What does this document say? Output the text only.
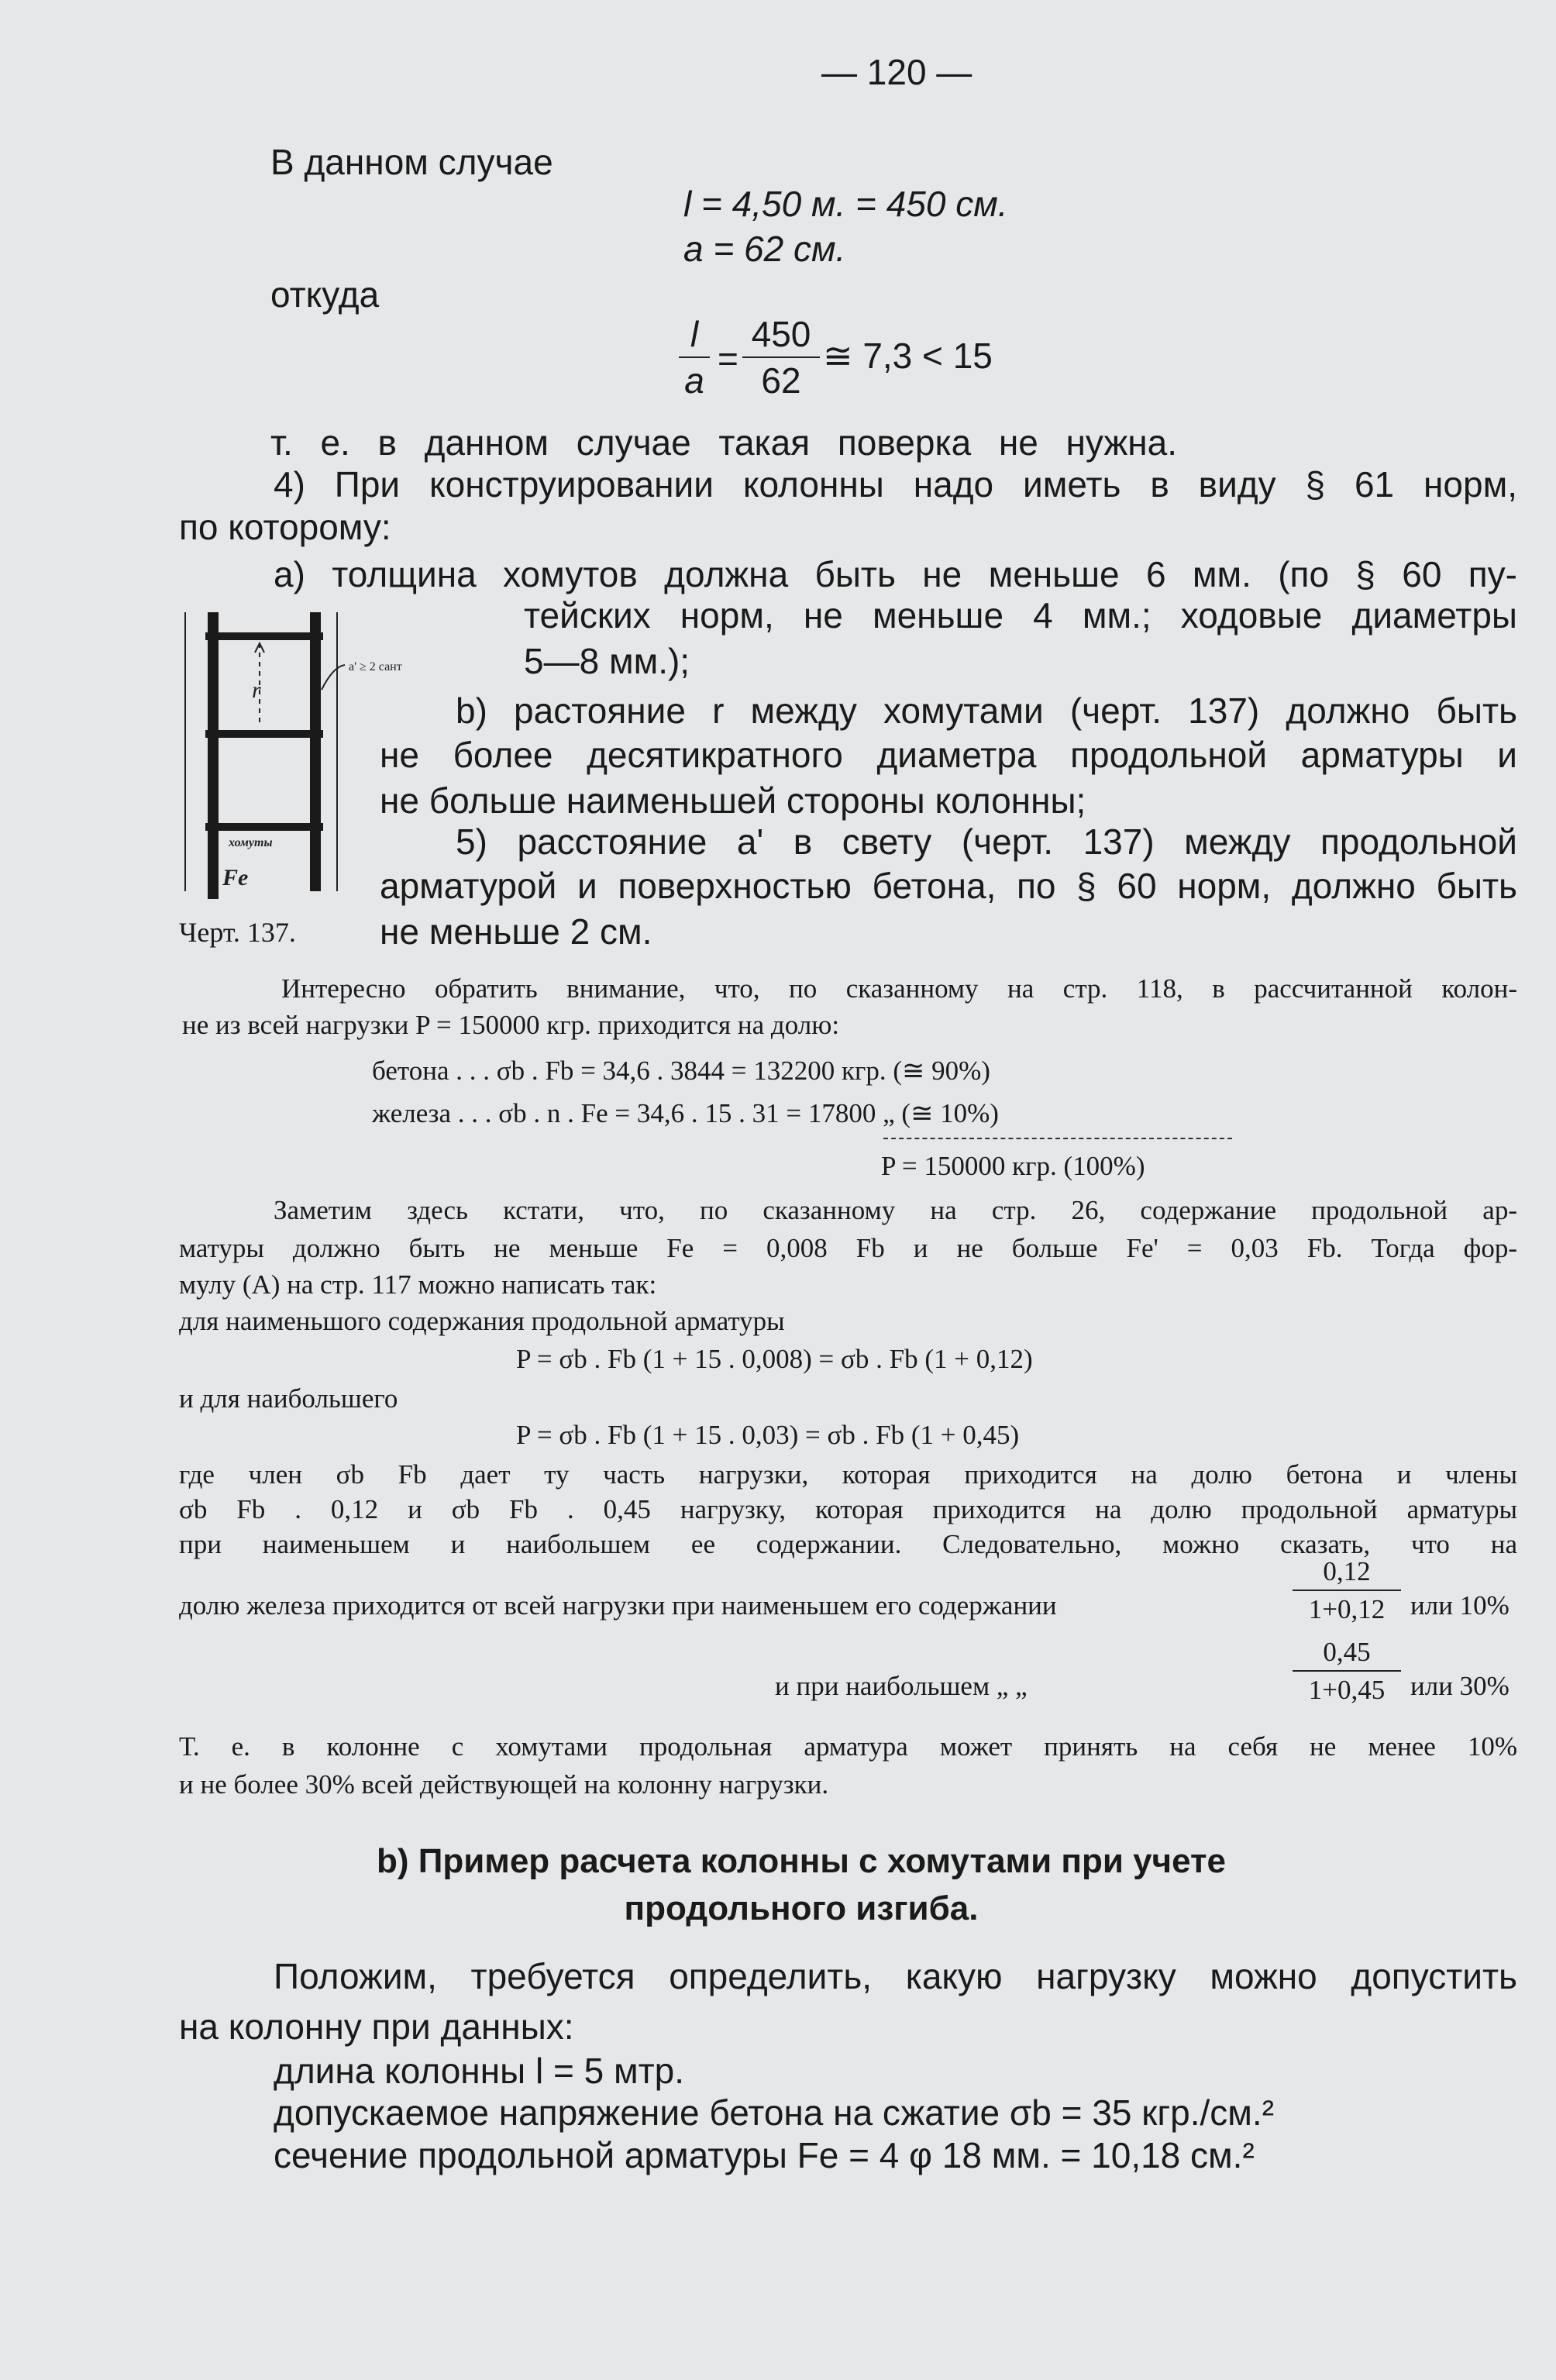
— 120 —
В данном случае
l = 4,50 м. = 450 см.
a = 62 см.
откуда
l
a
=
450
62
≅ 7,3 < 15
т. е. в данном случае такая поверка не нужна.
4) При конструировании колонны надо иметь в виду § 61 норм,
по которому:
а) толщина хомутов должна быть не меньше 6 мм. (по § 60 пу-
тейских норм, не меньше 4 мм.; ходовые диаметры
5—8 мм.);
b) растояние r между хомутами (черт. 137) должно быть
не более десятикратного диаметра продольной арматуры и
не больше наименьшей стороны колонны;
5) расстояние a' в свету (черт. 137) между продольной
арматурой и поверхностью бетона, по § 60 норм, должно быть
не меньше 2 см.
r
a' ≥ 2 сант
хомуты
Fe
Черт. 137.
Интересно обратить внимание, что, по сказанному на стр. 118, в рассчитанной колон-
не из всей нагрузки P = 150000 кгр. приходится на долю:
бетона . . . σb . Fb = 34,6 . 3844 = 132200 кгр. (≅ 90%)
железа . . . σb . n . Fe = 34,6 . 15 . 31 = 17800 „ (≅ 10%)
P = 150000 кгр. (100%)
Заметим здесь кстати, что, по сказанному на стр. 26, содержание продольной ар-
матуры должно быть не меньше Fe = 0,008 Fb и не больше Fe' = 0,03 Fb. Тогда фор-
мулу (A) на стр. 117 можно написать так:
для наименьшого содержания продольной арматуры
P = σb . Fb (1 + 15 . 0,008) = σb . Fb (1 + 0,12)
и для наибольшего
P = σb . Fb (1 + 15 . 0,03) = σb . Fb (1 + 0,45)
где член σb Fb дает ту часть нагрузки, которая приходится на долю бетона и члены
σb Fb . 0,12 и σb Fb . 0,45 нагрузку, которая приходится на долю продольной арматуры
при наименьшем и наибольшем ее содержании. Следовательно, можно сказать, что на
долю железа приходится от всей нагрузки при наименьшем его содержании
0,12
1+0,12 или 10%
и при наибольшем „ „
0,45
1+0,45 или 30%
Т. е. в колонне с хомутами продольная арматура может принять на себя не менее 10%
и не более 30% всей действующей на колонну нагрузки.
b) Пример расчета колонны с хомутами при учете
продольного изгиба.
Положим, требуется определить, какую нагрузку можно допустить
на колонну при данных:
длина колонны l = 5 мтр.
допускаемое напряжение бетона на сжатие σb = 35 кгр./см.²
сечение продольной арматуры Fe = 4 φ 18 мм. = 10,18 см.²
